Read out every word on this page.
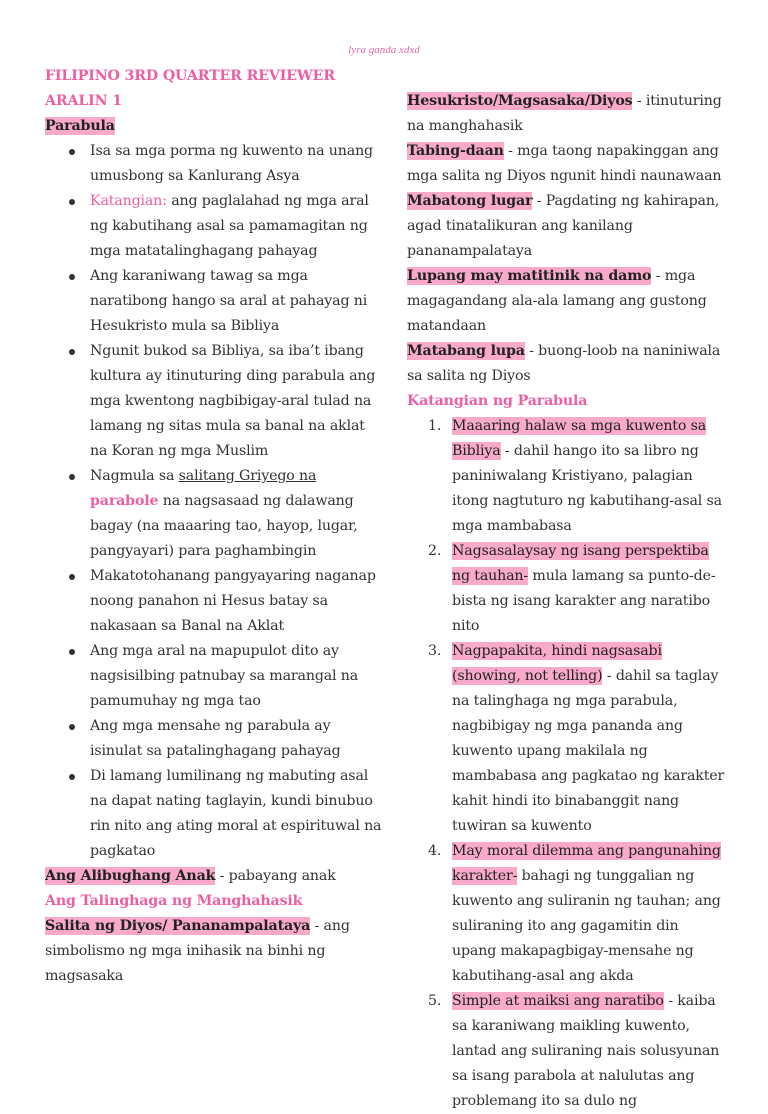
lyra ganda xdxd

FILIPINO 3RD QUARTER REVIEWER

ARALIN 1

Parabula

Isa sa mga porma ng kuwento na unang umusbong sa Kanlurang Asya
Katangian: ang paglalahad ng mga aral ng kabutihang asal sa pamamagitan ng mga matatalinghagang pahayag
Ang karaniwang tawag sa mga naratibong hango sa aral at pahayag ni Hesukristo mula sa Bibliya
Ngunit bukod sa Bibliya, sa iba’t ibang kultura ay itinuturing ding parabula ang mga kwentong nagbibigay-aral tulad na lamang ng sitas mula sa banal na aklat na Koran ng mga Muslim
Nagmula sa salitang Griyego na parabole na nagsasaad ng dalawang bagay (na maaaring tao, hayop, lugar, pangyayari) para paghambingin
Makatotohanang pangyayaring naganap noong panahon ni Hesus batay sa nakasaan sa Banal na Aklat
Ang mga aral na mapupulot dito ay nagsisilbing patnubay sa marangal na pamumuhay ng mga tao
Ang mga mensahe ng parabula ay isinulat sa patalinghagang pahayag
Di lamang lumilinang ng mabuting asal na dapat nating taglayin, kundi binubuo rin nito ang ating moral at espirituwal na pagkatao

Ang Alibughang Anak - pabayang anak

Ang Talinghaga ng Manghahasik

Salita ng Diyos/ Pananampalataya - ang simbolismo ng mga inihasik na binhi ng magsasaka

Hesukristo/Magsasaka/Diyos - itinuturing na manghahasik

Tabing-daan - mga taong napakinggan ang mga salita ng Diyos ngunit hindi naunawaan

Mabatong lugar - Pagdating ng kahirapan, agad tinatalikuran ang kanilang pananampalataya

Lupang may matitinik na damo - mga magagandang ala-ala lamang ang gustong matandaan

Matabang lupa - buong-loob na naniniwala sa salita ng Diyos

Katangian ng Parabula

1. Maaaring halaw sa mga kuwento sa Bibliya - dahil hango ito sa libro ng paniniwalang Kristiyano, palagian itong nagtuturo ng kabutihang-asal sa mga mambabasa
2. Nagsasalaysay ng isang perspektiba ng tauhan- mula lamang sa punto-de-bista ng isang karakter ang naratibo nito
3. Nagpapakita, hindi nagsasabi (showing, not telling) - dahil sa taglay na talinghaga ng mga parabula, nagbibigay ng mga pananda ang kuwento upang makilala ng mambabasa ang pagkatao ng karakter kahit hindi ito binabanggit nang tuwiran sa kuwento
4. May moral dilemma ang pangunahing karakter- bahagi ng tunggalian ng kuwento ang suliranin ng tauhan; ang suliraning ito ang gagamitin din upang makapagbigay-mensahe ng kabutihang-asal ang akda
5. Simple at maiksi ang naratibo - kaiba sa karaniwang maikling kuwento, lantad ang suliraning nais solusyunan sa isang parabola at nalulutas ang problemang ito sa dulo ng
